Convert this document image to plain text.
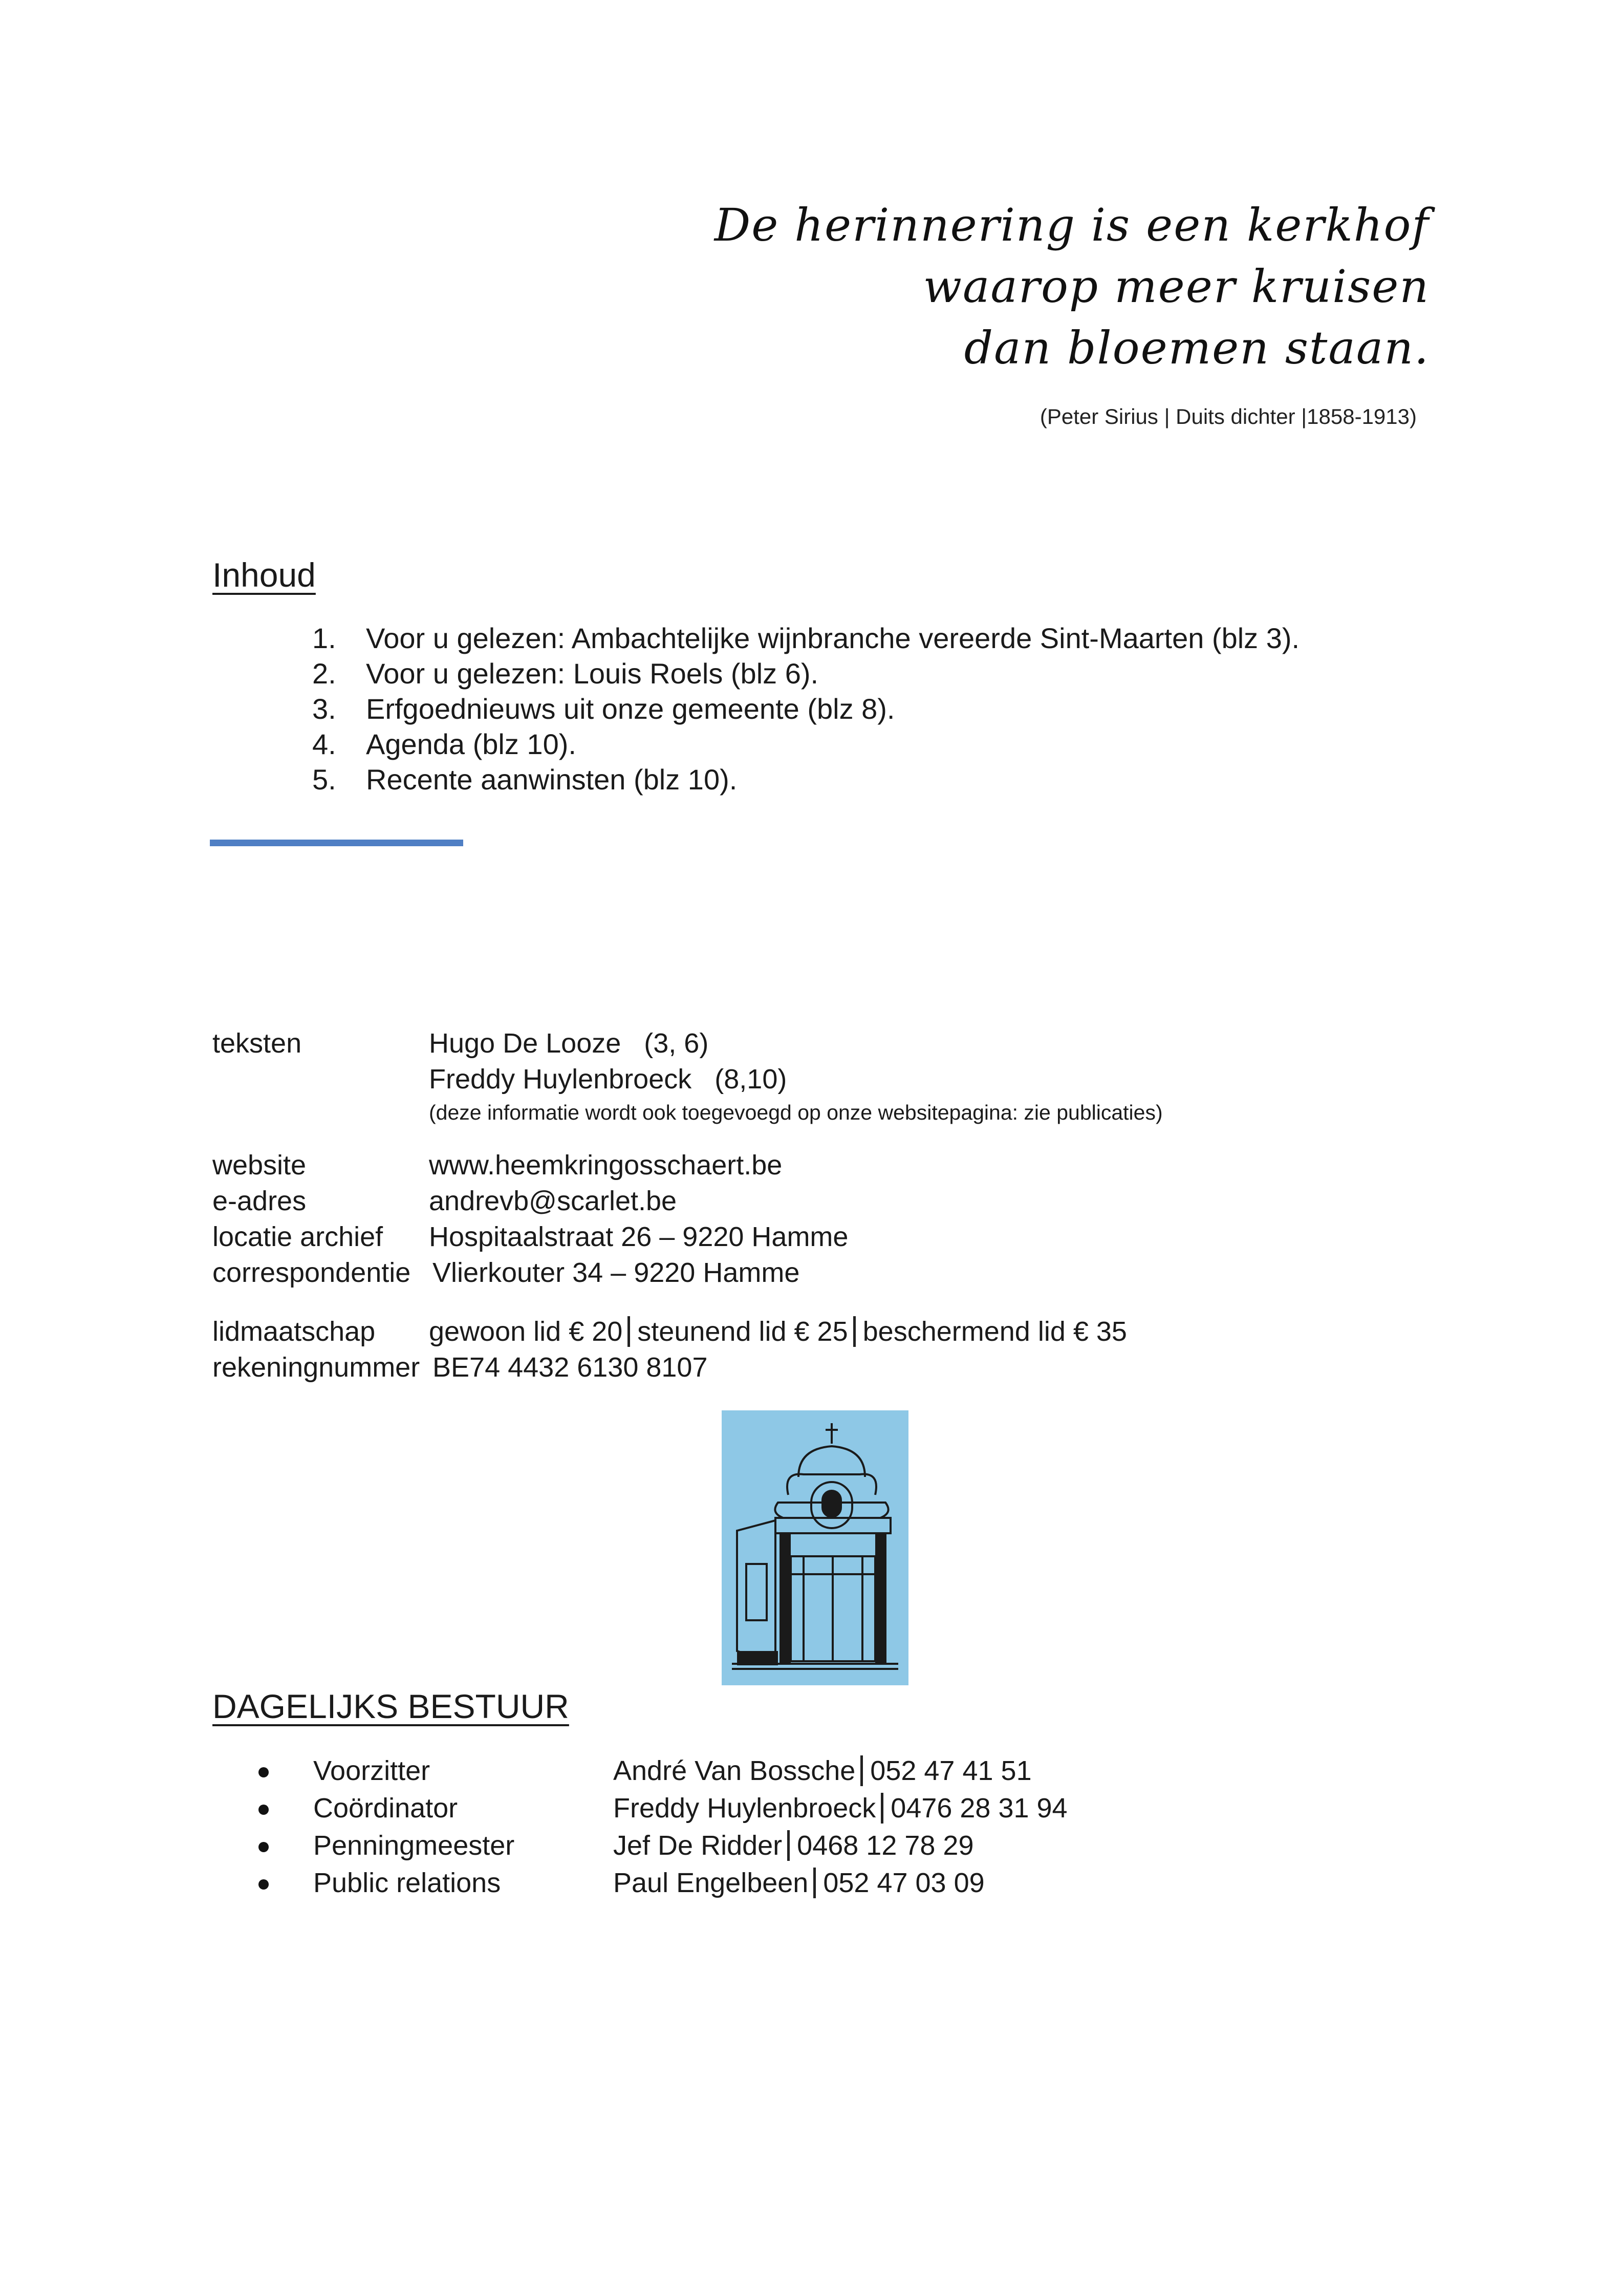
De herinnering is een kerkhof
waarop meer kruisen
dan bloemen staan.
(Peter Sirius | Duits dichter |1858-1913)
Inhoud
1.	Voor u gelezen: Ambachtelijke wijnbranche vereerde Sint-Maarten (blz 3).
2.	Voor u gelezen: Louis Roels (blz 6).
3.	Erfgoednieuws uit onze gemeente (blz 8).
4.	Agenda (blz 10).
5.	Recente aanwinsten (blz 10).
teksten	Hugo De Looze (3, 6)
Freddy Huylenbroeck (8,10)
(deze informatie wordt ook toegevoegd op onze websitepagina: zie publicaties)
website	www.heemkringosschaert.be
e-adres	andrevb@scarlet.be
locatie archief Hospitaalstraat 26 – 9220 Hamme
correspondentie Vlierkouter 34 – 9220 Hamme
lidmaatschap gewoon lid € 20 steunend lid € 25 beschermend lid € 35
rekeningnummer BE74 4432 6130 8107
DAGELIJKS BESTUUR
Voorzitter	André Van Bossche 052 47 41 51
Coördinator	Freddy Huylenbroeck 0476 28 31 94
Penningmeester	Jef De Ridder 0468 12 78 29
Public relations	Paul Engelbeen 052 47 03 09
